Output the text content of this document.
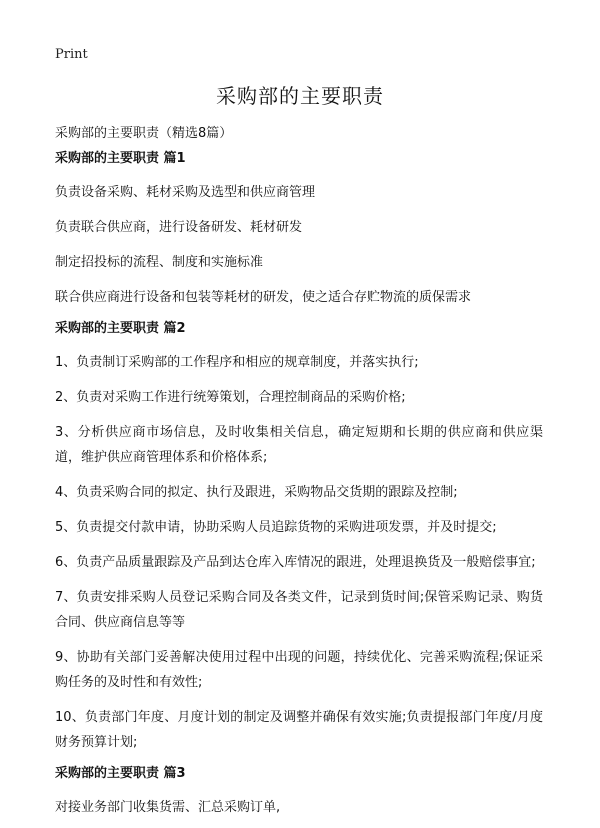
Print
采购部的主要职责
采购部的主要职责（精选8篇）
采购部的主要职责 篇1

负责设备采购、耗材采购及选型和供应商管理

负责联合供应商，进行设备研发、耗材研发

制定招投标的流程、制度和实施标准

联合供应商进行设备和包装等耗材的研发，使之适合存贮物流的质保需求

采购部的主要职责 篇2

1、负责制订采购部的工作程序和相应的规章制度，并落实执行;

2、负责对采购工作进行统筹策划，合理控制商品的采购价格;

3、分析供应商市场信息，及时收集相关信息，确定短期和长期的供应商和供应渠道，维护供应商管理体系和价格体系;

4、负责采购合同的拟定、执行及跟进，采购物品交货期的跟踪及控制;

5、负责提交付款申请，协助采购人员追踪货物的采购进项发票，并及时提交;

6、负责产品质量跟踪及产品到达仓库入库情况的跟进，处理退换货及一般赔偿事宜;

7、负责安排采购人员登记采购合同及各类文件，记录到货时间;保管采购记录、购货合同、供应商信息等等

9、协助有关部门妥善解决使用过程中出现的问题，持续优化、完善采购流程;保证采购任务的及时性和有效性;

10、负责部门年度、月度计划的制定及调整并确保有效实施;负责提报部门年度/月度财务预算计划;

采购部的主要职责 篇3

对接业务部门收集货需、汇总采购订单,
